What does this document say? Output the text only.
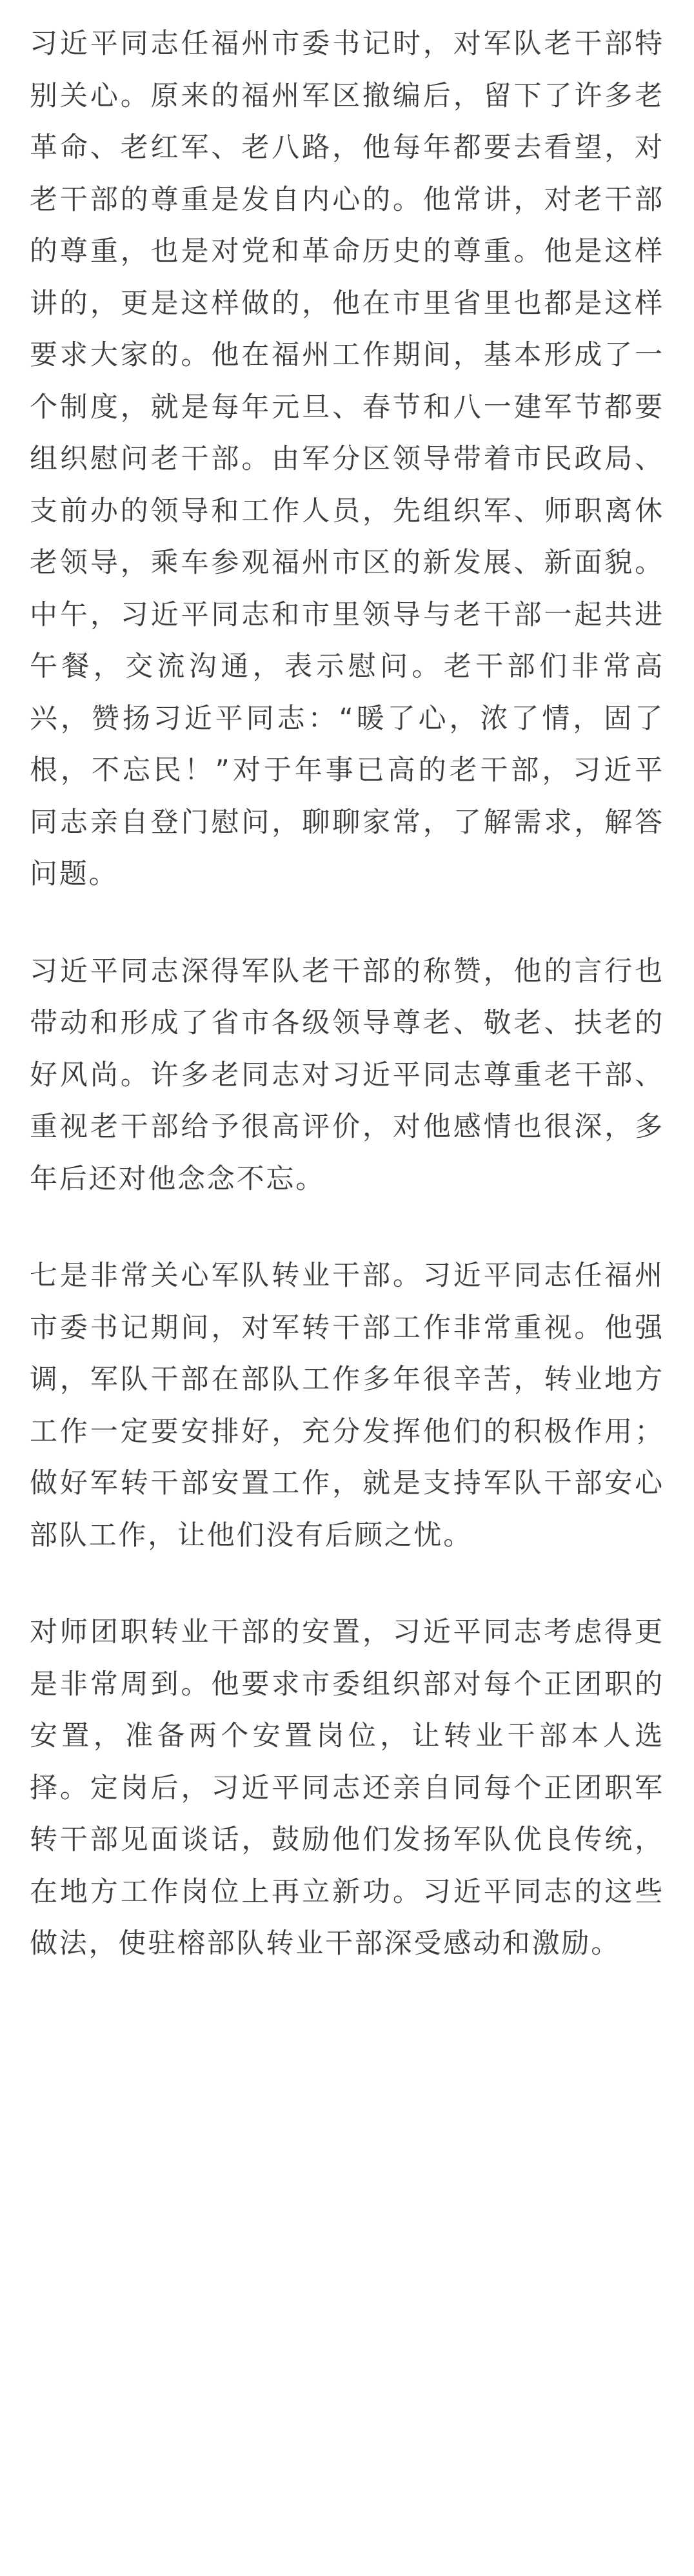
习近平同志任福州市委书记时，对军队老干部特别关心。原来的福州军区撤编后，留下了许多老革命、老红军、老八路，他每年都要去看望，对老干部的尊重是发自内心的。他常讲，对老干部的尊重，也是对党和革命历史的尊重。他是这样讲的，更是这样做的，他在市里省里也都是这样要求大家的。他在福州工作期间，基本形成了一个制度，就是每年元旦、春节和八一建军节都要组织慰问老干部。由军分区领导带着市民政局、支前办的领导和工作人员，先组织军、师职离休老领导，乘车参观福州市区的新发展、新面貌。中午，习近平同志和市里领导与老干部一起共进午餐，交流沟通，表示慰问。老干部们非常高兴，赞扬习近平同志：“暖了心，浓了情，固了根，不忘民！”对于年事已高的老干部，习近平同志亲自登门慰问，聊聊家常，了解需求，解答问题。

习近平同志深得军队老干部的称赞，他的言行也带动和形成了省市各级领导尊老、敬老、扶老的好风尚。许多老同志对习近平同志尊重老干部、重视老干部给予很高评价，对他感情也很深，多年后还对他念念不忘。

七是非常关心军队转业干部。习近平同志任福州市委书记期间，对军转干部工作非常重视。他强调，军队干部在部队工作多年很辛苦，转业地方工作一定要安排好，充分发挥他们的积极作用；做好军转干部安置工作，就是支持军队干部安心部队工作，让他们没有后顾之忧。

对师团职转业干部的安置，习近平同志考虑得更是非常周到。他要求市委组织部对每个正团职的安置，准备两个安置岗位，让转业干部本人选择。定岗后，习近平同志还亲自同每个正团职军转干部见面谈话，鼓励他们发扬军队优良传统，在地方工作岗位上再立新功。习近平同志的这些做法，使驻榕部队转业干部深受感动和激励。
